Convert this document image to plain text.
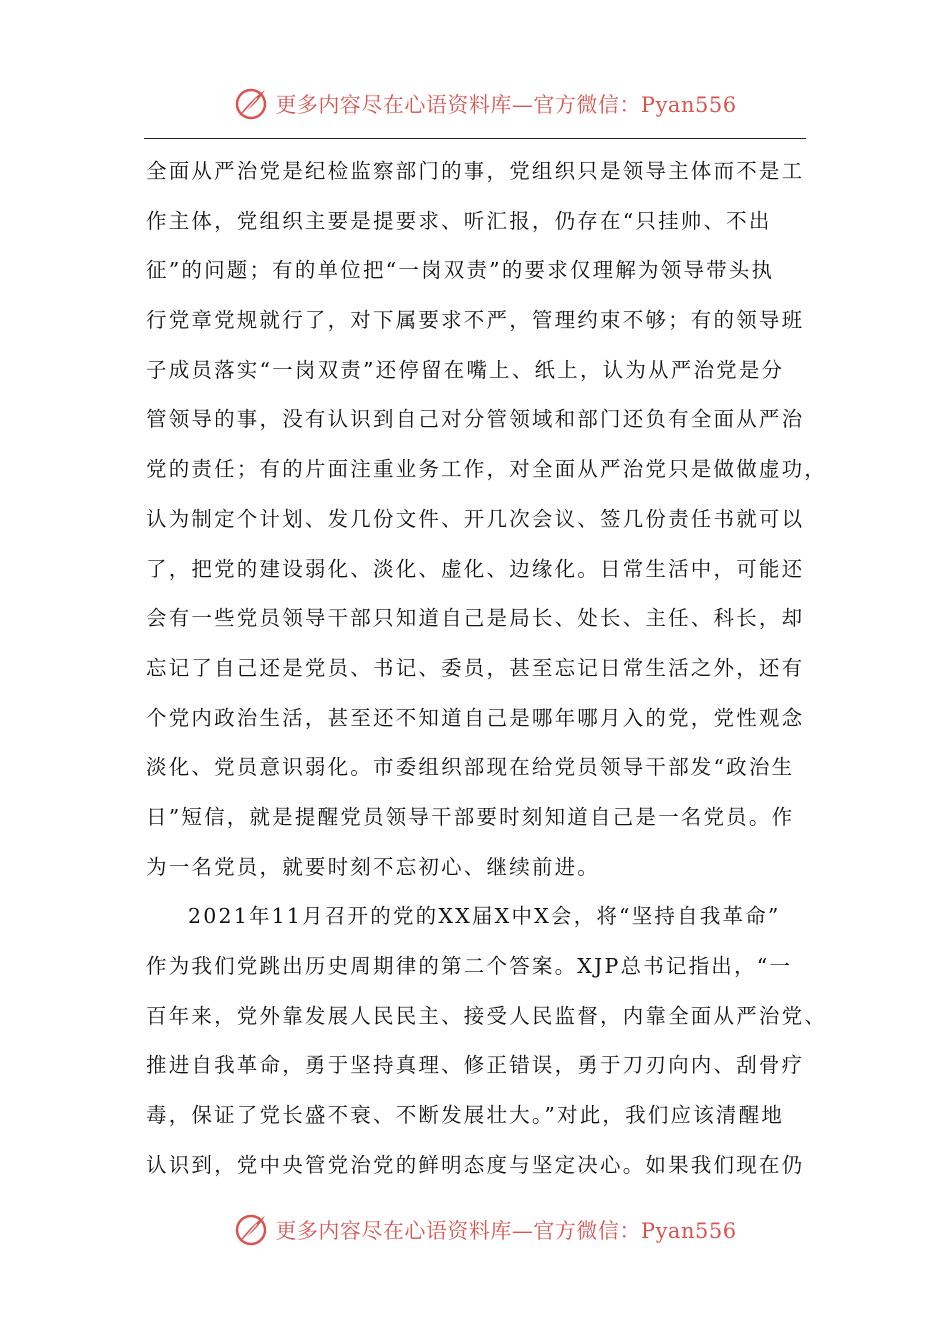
更多内容尽在心语资料库—官方微信：Pyan556
全面从严治党是纪检监察部门的事，党组织只是领导主体而不是工
作主体，党组织主要是提要求、听汇报，仍存在“只挂帅、不出
征”的问题；有的单位把“一岗双责”的要求仅理解为领导带头执
行党章党规就行了，对下属要求不严，管理约束不够；有的领导班
子成员落实“一岗双责”还停留在嘴上、纸上，认为从严治党是分
管领导的事，没有认识到自己对分管领域和部门还负有全面从严治
党的责任；有的片面注重业务工作，对全面从严治党只是做做虚功，
认为制定个计划、发几份文件、开几次会议、签几份责任书就可以
了，把党的建设弱化、淡化、虚化、边缘化。日常生活中，可能还
会有一些党员领导干部只知道自己是局长、处长、主任、科长，却
忘记了自己还是党员、书记、委员，甚至忘记日常生活之外，还有
个党内政治生活，甚至还不知道自己是哪年哪月入的党，党性观念
淡化、党员意识弱化。市委组织部现在给党员领导干部发“政治生
日”短信，就是提醒党员领导干部要时刻知道自己是一名党员。作
为一名党员，就要时刻不忘初心、继续前进。
2021年11月召开的党的XX届X中X会，将“坚持自我革命”
作为我们党跳出历史周期律的第二个答案。XJP总书记指出，“一
百年来，党外靠发展人民民主、接受人民监督，内靠全面从严治党、
推进自我革命，勇于坚持真理、修正错误，勇于刀刃向内、刮骨疗
毒，保证了党长盛不衰、不断发展壮大。”对此，我们应该清醒地
认识到，党中央管党治党的鲜明态度与坚定决心。如果我们现在仍
更多内容尽在心语资料库—官方微信：Pyan556
